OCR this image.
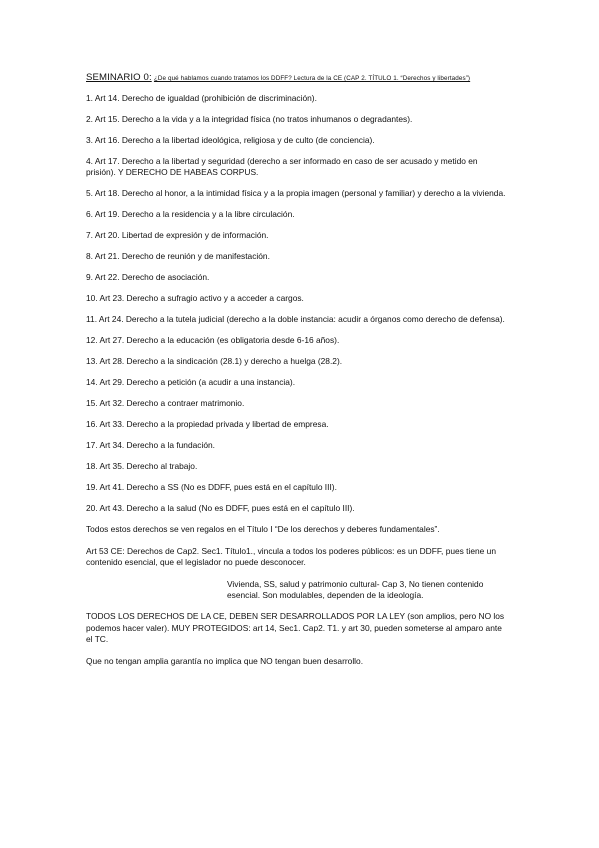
SEMINARIO 0: ¿De qué hablamos cuando tratamos los DDFF? Lectura de la CE (CAP 2. TÍTULO 1. “Derechos y libertades”)

1. Art 14. Derecho de igualdad (prohibición de discriminación).

2. Art 15. Derecho a la vida y a la integridad física (no tratos inhumanos o degradantes).

3. Art 16. Derecho a la libertad ideológica, religiosa y de culto (de conciencia).

4. Art 17. Derecho a la libertad y seguridad (derecho a ser informado en caso de ser acusado y metido en prisión). Y DERECHO DE HABEAS CORPUS.

5. Art 18. Derecho al honor, a la intimidad física y a la propia imagen (personal y familiar) y derecho a la vivienda.

6. Art 19. Derecho a la residencia y a la libre circulación.

7. Art 20. Libertad de expresión y de información.

8. Art 21. Derecho de reunión y de manifestación.

9. Art 22. Derecho de asociación.

10. Art 23. Derecho a sufragio activo y a acceder a cargos.

11. Art 24. Derecho a la tutela judicial (derecho a la doble instancia: acudir a órganos como derecho de defensa).

12. Art 27. Derecho a la educación (es obligatoria desde 6-16 años).

13. Art 28. Derecho a la sindicación (28.1) y derecho a huelga (28.2).

14. Art 29. Derecho a petición (a acudir a una instancia).

15. Art 32. Derecho a contraer matrimonio.

16. Art 33. Derecho a la propiedad privada y libertad de empresa.

17. Art 34. Derecho a la fundación.

18. Art 35. Derecho al trabajo.

19. Art 41. Derecho a SS (No es DDFF, pues está en el capítulo III).

20. Art 43. Derecho a la salud (No es DDFF, pues está en el capítulo III).

Todos estos derechos se ven regalos en el Título I “De los derechos y deberes fundamentales”.

Art 53 CE: Derechos de Cap2. Sec1. Título1., vincula a todos los poderes públicos: es un DDFF, pues tiene un contenido esencial, que el legislador no puede desconocer.

Vivienda, SS, salud y patrimonio cultural- Cap 3, No tienen contenido esencial. Son modulables, dependen de la ideología.

TODOS LOS DERECHOS DE LA CE, DEBEN SER DESARROLLADOS POR LA LEY (son amplios, pero NO los podemos hacer valer). MUY PROTEGIDOS: art 14, Sec1. Cap2. T1. y art 30, pueden someterse al amparo ante el TC.

Que no tengan amplia garantía no implica que NO tengan buen desarrollo.
